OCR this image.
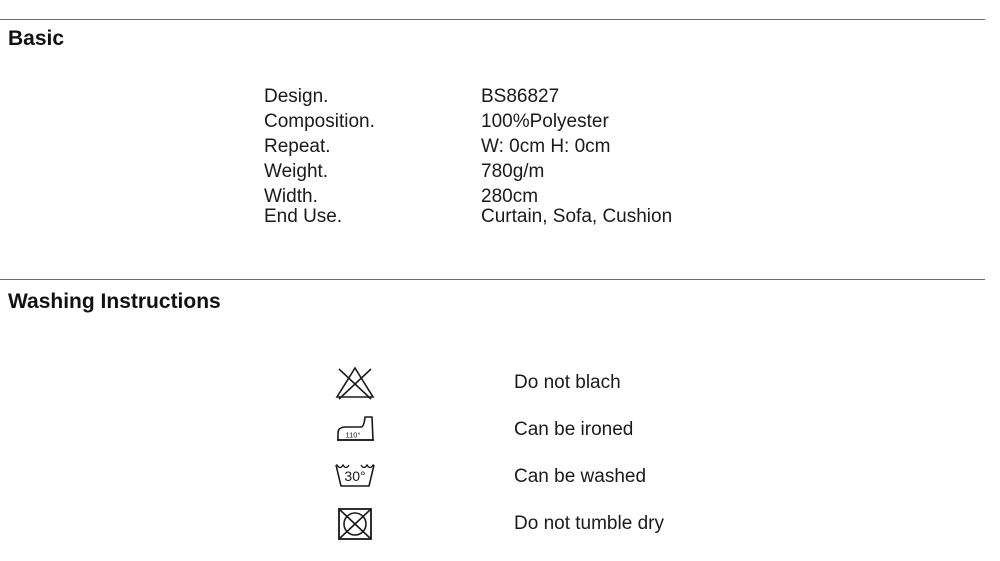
Basic
Design.	BS86827
Composition.	100%Polyester
Repeat.	W: 0cm H: 0cm
Weight.	780g/m
Width.	280cm
End Use.	Curtain, Sofa, Cushion
Washing Instructions
Do not blach
110°	Can be ironed
30°	Can be washed
Do not tumble dry
